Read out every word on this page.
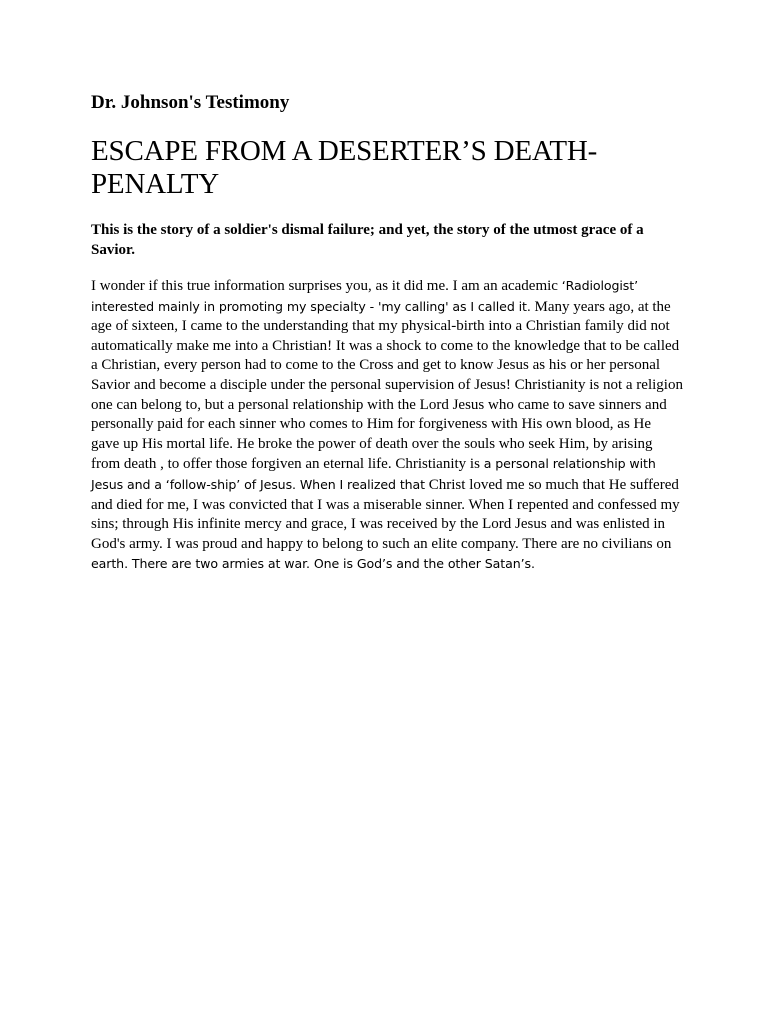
Dr. Johnson's Testimony
ESCAPE FROM A DESERTER’S DEATH-PENALTY
This is the story of a soldier's dismal failure; and yet, the story of the utmost grace of a Savior.
I wonder if this true information surprises you, as it did me. I am an academic ‘Radiologist’ interested mainly in promoting my specialty - 'my calling' as I called it. Many years ago, at the age of sixteen, I came to the understanding that my physical-birth into a Christian family did not automatically make me into a Christian! It was a shock to come to the knowledge that to be called a Christian, every person had to come to the Cross and get to know Jesus as his or her personal Savior and become a disciple under the personal supervision of Jesus! Christianity is not a religion one can belong to, but a personal relationship with the Lord Jesus who came to save sinners and personally paid for each sinner who comes to Him for forgiveness with His own blood, as He gave up His mortal life. He broke the power of death over the souls who seek Him, by arising from death , to offer those forgiven an eternal life. Christianity is a personal relationship with Jesus and a ‘follow-ship’ of Jesus. When I realized that Christ loved me so much that He suffered and died for me, I was convicted that I was a miserable sinner. When I repented and confessed my sins; through His infinite mercy and grace, I was received by the Lord Jesus and was enlisted in God's army. I was proud and happy to belong to such an elite company. There are no civilians on earth. There are two armies at war. One is God’s and the other Satan’s.
